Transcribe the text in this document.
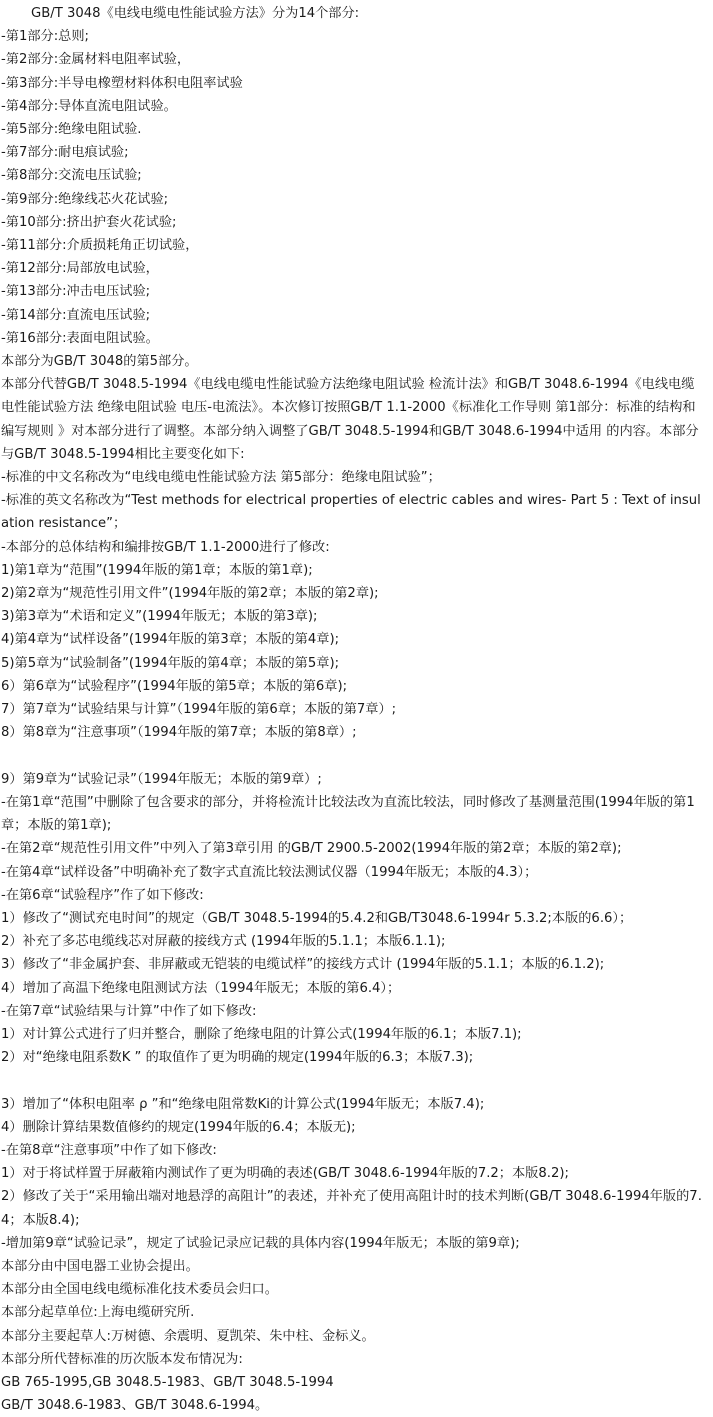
GB/T 3048《电线电缆电性能试验方法》分为14个部分:
-第1部分:总则;
-第2部分:金属材料电阻率试验，
-第3部分:半导电橡塑材料体积电阻率试验
-第4部分:导体直流电阻试验。
-第5部分:绝缘电阻试验.
-第7部分:耐电痕试验;
-第8部分:交流电压试验;
-第9部分:绝缘线芯火花试验;
-第10部分:挤出护套火花试验;
-第11部分:介质损耗角正切试验，
-第12部分:局部放电试验，
-第13部分:冲击电压试验;
-第14部分:直流电压试验;
-第16部分:表面电阻试验。
本部分为GB/T 3048的第5部分。
本部分代替GB/T 3048.5-1994《电线电缆电性能试验方法绝缘电阻试验 检流计法》和GB/T 3048.6-1994《电线电缆电性能试验方法 绝缘电阻试验 电压-电流法》。本次修订按照GB/T 1.1-2000《标准化工作导则 第1部分：标准的结构和编写规则 》对本部分进行了调整。本部分纳入调整了GB/T 3048.5-1994和GB/T 3048.6-1994中适用 的内容。本部分与GB/T 3048.5-1994相比主要变化如下:
-标准的中文名称改为“电线电缆电性能试验方法 第5部分：绝缘电阻试验”；
-标准的英文名称改为“Test methods for electrical properties of electric cables and wires- Part 5 : Text of insulation resistance”；
-本部分的总体结构和编排按GB/T 1.1-2000进行了修改:
1)第1章为“范围”(1994年版的第1章；本版的第1章);
2)第2章为“规范性引用文件”(1994年版的第2章；本版的第2章);
3)第3章为“术语和定义”(1994年版无；本版的第3章);
4)第4章为“试样设备”(1994年版的第3章；本版的第4章);
5)第5章为“试验制备”(1994年版的第4章；本版的第5章);
6）第6章为“试验程序”(1994年版的第5章；本版的第6章);
7）第7章为“试验结果与计算”（1994年版的第6章；本版的第7章）;
8）第8章为“注意事项”（1994年版的第7章；本版的第8章）;
9）第9章为“试验记录”（1994年版无；本版的第9章）;
-在第1章“范围”中删除了包含要求的部分，并将检流计比较法改为直流比较法，同时修改了基测量范围(1994年版的第1章；本版的第1章);
-在第2章“规范性引用文件”中列入了第3章引用 的GB/T 2900.5-2002(1994年版的第2章；本版的第2章);
-在第4章“试样设备”中明确补充了数字式直流比较法测试仪器（1994年版无；本版的4.3）；
-在第6章“试验程序”作了如下修改:
1）修改了“测试充电时间”的规定（GB/T 3048.5-1994的5.4.2和GB/T3048.6-1994r 5.3.2;本版的6.6）；
2）补充了多芯电缆线芯对屏蔽的接线方式 (1994年版的5.1.1；本版6.1.1);
3）修改了“非金属护套、非屏蔽或无铠装的电缆试样”的接线方式计 (1994年版的5.1.1；本版的6.1.2);
4）增加了高温下绝缘电阻测试方法（1994年版无；本版的第6.4）；
-在第7章“试验结果与计算”中作了如下修改:
1）对计算公式进行了归并整合，删除了绝缘电阻的计算公式(1994年版的6.1；本版7.1);
2）对“绝缘电阻系数K ” 的取值作了更为明确的规定(1994年版的6.3；本版7.3);
3）增加了“体积电阻率 ρ ”和“绝缘电阻常数Ki的计算公式(1994年版无；本版7.4);
4）删除计算结果数值修约的规定(1994年版的6.4；本版无);
-在第8章“注意事项”中作了如下修改:
1）对于将试样置于屏蔽箱内测试作了更为明确的表述(GB/T 3048.6-1994年版的7.2；本版8.2);
2）修改了关于“采用输出端对地悬浮的高阻计”的表述，并补充了使用高阻计时的技术判断(GB/T 3048.6-1994年版的7.4；本版8.4);
-增加第9章“试验记录”，规定了试验记录应记载的具体内容(1994年版无；本版的第9章);
本部分由中国电器工业协会提出。
本部分由全国电线电缆标准化技术委员会归口。
本部分起草单位:上海电缆研究所.
本部分主要起草人:万树德、余震明、夏凯荣、朱中柱、金标义。
本部分所代替标准的历次版本发布情况为:
GB 765-1995,GB 3048.5-1983、GB/T 3048.5-1994
GB/T 3048.6-1983、GB/T 3048.6-1994。
